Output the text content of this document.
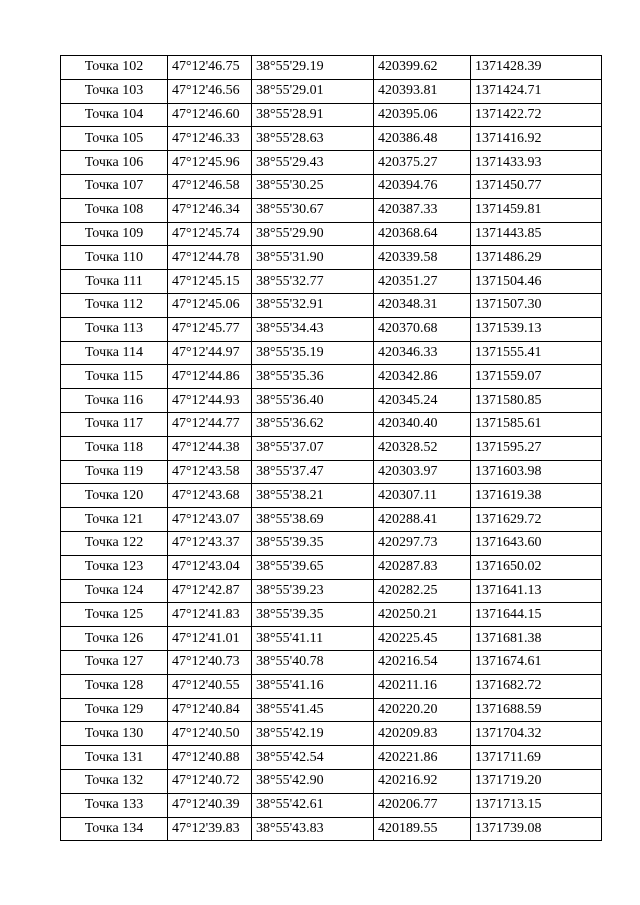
Точка 102	47°12'46.75	38°55'29.19	420399.62	1371428.39
Точка 103	47°12'46.56	38°55'29.01	420393.81	1371424.71
Точка 104	47°12'46.60	38°55'28.91	420395.06	1371422.72
Точка 105	47°12'46.33	38°55'28.63	420386.48	1371416.92
Точка 106	47°12'45.96	38°55'29.43	420375.27	1371433.93
Точка 107	47°12'46.58	38°55'30.25	420394.76	1371450.77
Точка 108	47°12'46.34	38°55'30.67	420387.33	1371459.81
Точка 109	47°12'45.74	38°55'29.90	420368.64	1371443.85
Точка 110	47°12'44.78	38°55'31.90	420339.58	1371486.29
Точка 111	47°12'45.15	38°55'32.77	420351.27	1371504.46
Точка 112	47°12'45.06	38°55'32.91	420348.31	1371507.30
Точка 113	47°12'45.77	38°55'34.43	420370.68	1371539.13
Точка 114	47°12'44.97	38°55'35.19	420346.33	1371555.41
Точка 115	47°12'44.86	38°55'35.36	420342.86	1371559.07
Точка 116	47°12'44.93	38°55'36.40	420345.24	1371580.85
Точка 117	47°12'44.77	38°55'36.62	420340.40	1371585.61
Точка 118	47°12'44.38	38°55'37.07	420328.52	1371595.27
Точка 119	47°12'43.58	38°55'37.47	420303.97	1371603.98
Точка 120	47°12'43.68	38°55'38.21	420307.11	1371619.38
Точка 121	47°12'43.07	38°55'38.69	420288.41	1371629.72
Точка 122	47°12'43.37	38°55'39.35	420297.73	1371643.60
Точка 123	47°12'43.04	38°55'39.65	420287.83	1371650.02
Точка 124	47°12'42.87	38°55'39.23	420282.25	1371641.13
Точка 125	47°12'41.83	38°55'39.35	420250.21	1371644.15
Точка 126	47°12'41.01	38°55'41.11	420225.45	1371681.38
Точка 127	47°12'40.73	38°55'40.78	420216.54	1371674.61
Точка 128	47°12'40.55	38°55'41.16	420211.16	1371682.72
Точка 129	47°12'40.84	38°55'41.45	420220.20	1371688.59
Точка 130	47°12'40.50	38°55'42.19	420209.83	1371704.32
Точка 131	47°12'40.88	38°55'42.54	420221.86	1371711.69
Точка 132	47°12'40.72	38°55'42.90	420216.92	1371719.20
Точка 133	47°12'40.39	38°55'42.61	420206.77	1371713.15
Точка 134	47°12'39.83	38°55'43.83	420189.55	1371739.08
